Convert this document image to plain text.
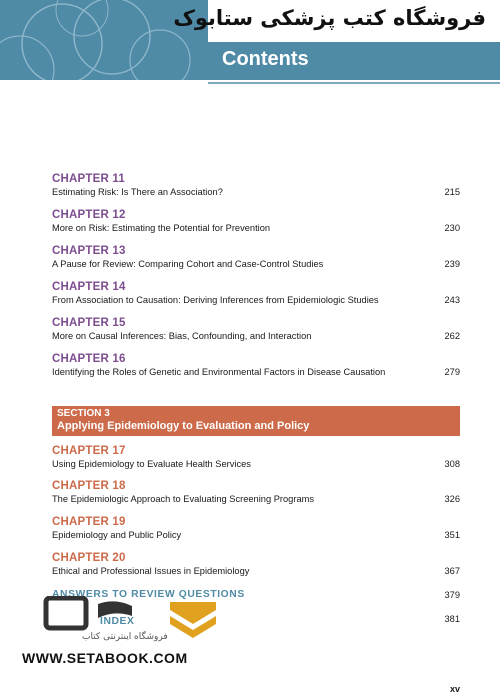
فروشگاه کتب پزشکی ستابوک
Contents
CHAPTER 11
Estimating Risk: Is There an Association?	215
CHAPTER 12
More on Risk: Estimating the Potential for Prevention	230
CHAPTER 13
A Pause for Review: Comparing Cohort and Case-Control Studies	239
CHAPTER 14
From Association to Causation: Deriving Inferences from Epidemiologic Studies	243
CHAPTER 15
More on Causal Inferences: Bias, Confounding, and Interaction	262
CHAPTER 16
Identifying the Roles of Genetic and Environmental Factors in Disease Causation	279
SECTION 3
Applying Epidemiology to Evaluation and Policy
CHAPTER 17
Using Epidemiology to Evaluate Health Services	308
CHAPTER 18
The Epidemiologic Approach to Evaluating Screening Programs	326
CHAPTER 19
Epidemiology and Public Policy	351
CHAPTER 20
Ethical and Professional Issues in Epidemiology	367
ANSWERS TO REVIEW QUESTIONS	379
INDEX	381
فروشگاه اینترنتی کتاب
WWW.SETABOOK.COM
xv
